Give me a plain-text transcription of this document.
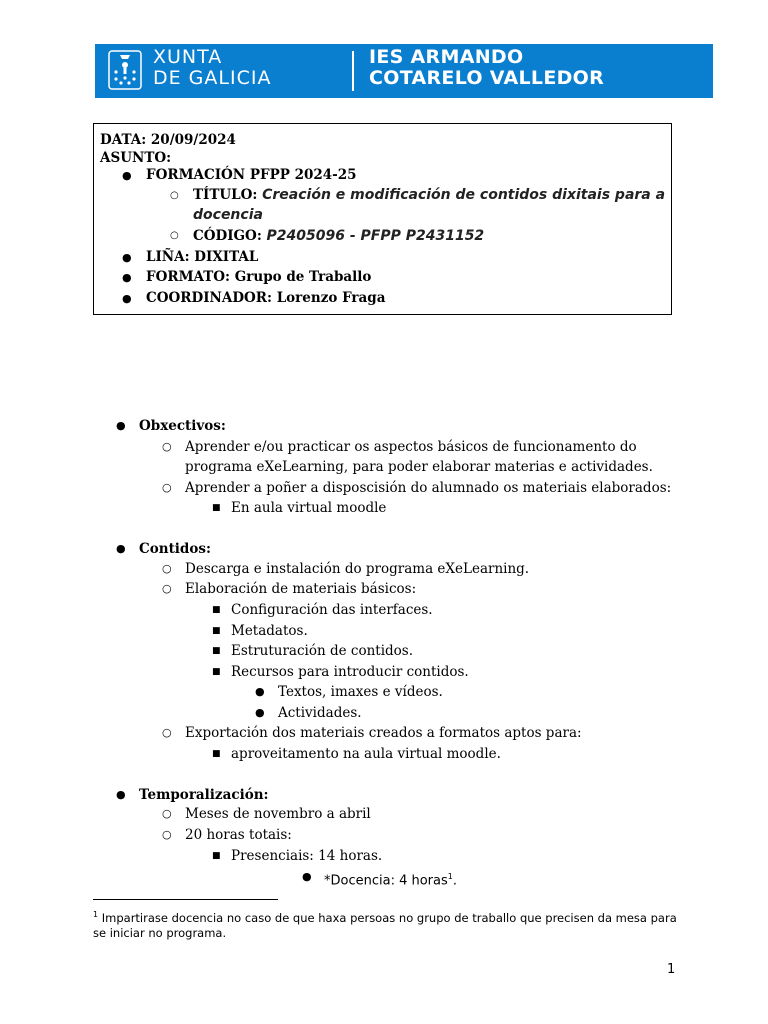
XUNTA
DE GALICIA
IES ARMANDO
COTARELO VALLEDOR
DATA: 20/09/2024
ASUNTO:
● FORMACIÓN PFPP 2024-25
○ TÍTULO: Creación e modificación de contidos dixitais para a
docencia
○ CÓDIGO: P2405096 - PFPP P2431152
● LIÑA: DIXITAL
● FORMATO: Grupo de Traballo
● COORDINADOR: Lorenzo Fraga
● Obxectivos:
○ Aprender e/ou practicar os aspectos básicos de funcionamento do
programa eXeLearning, para poder elaborar materias e actividades.
○ Aprender a poñer a disposcisión do alumnado os materiais elaborados:
■ En aula virtual moodle
● Contidos:
○ Descarga e instalación do programa eXeLearning.
○ Elaboración de materiais básicos:
■ Configuración das interfaces.
■ Metadatos.
■ Estruturación de contidos.
■ Recursos para introducir contidos.
● Textos, imaxes e vídeos.
● Actividades.
○ Exportación dos materiais creados a formatos aptos para:
■ aproveitamento na aula virtual moodle.
● Temporalización:
○ Meses de novembro a abril
○ 20 horas totais:
■ Presenciais: 14 horas.
● *Docencia: 4 horas$^1$.
$^1$ Impartirase docencia no caso de que haxa persoas no grupo de traballo que precisen da mesa para se iniciar no programa.
1
